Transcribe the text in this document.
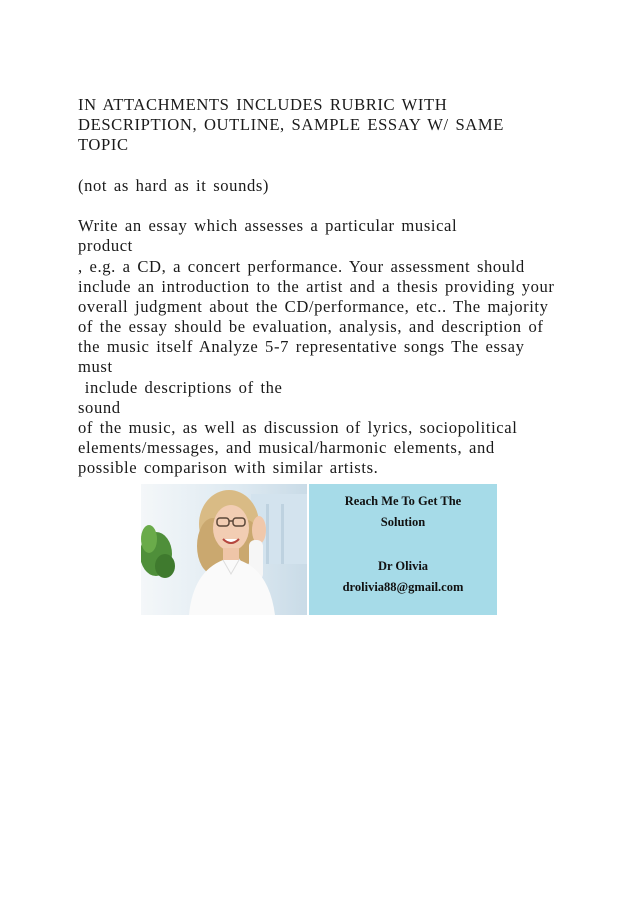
IN ATTACHMENTS INCLUDES RUBRIC WITH
DESCRIPTION, OUTLINE, SAMPLE ESSAY W/ SAME
TOPIC
(not as hard as it sounds)
Write an essay which assesses a particular musical
product
, e.g. a CD, a concert performance. Your assessment should
include an introduction to the artist and a thesis providing your
overall judgment about the CD/performance, etc.. The majority
of the essay should be evaluation, analysis, and description of
the music itself Analyze 5-7 representative songs The essay
must
include descriptions of the
sound
of the music, as well as discussion of lyrics, sociopolitical
elements/messages, and musical/harmonic elements, and
possible comparison with similar artists.
Reach Me To Get The
Solution
Dr Olivia
drolivia88@gmail.com
